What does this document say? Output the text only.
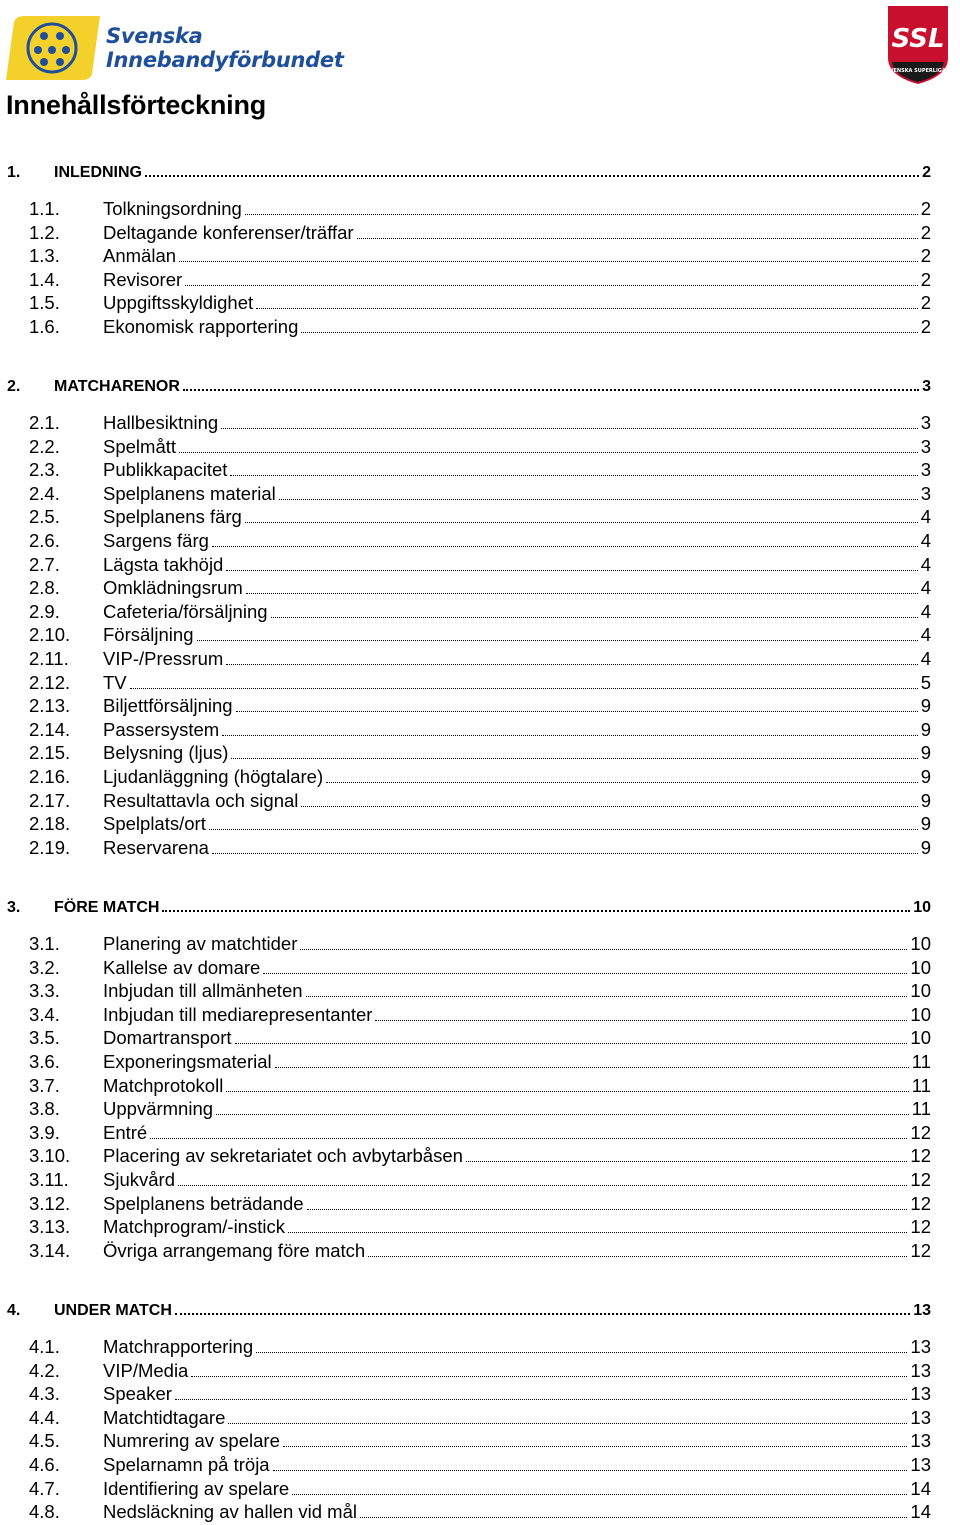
Svenska
Innebandyförbundet
SSL
SVENSKA SUPERLIGAN
Innehållsförteckning
1. INLEDNING	2
1.1. Tolkningsordning	2
1.2. Deltagande konferenser/träffar	2
1.3. Anmälan	2
1.4. Revisorer	2
1.5. Uppgiftsskyldighet	2
1.6. Ekonomisk rapportering	2
2. MATCHARENOR	3
2.1. Hallbesiktning	3
2.2. Spelmått	3
2.3. Publikkapacitet	3
2.4. Spelplanens material	3
2.5. Spelplanens färg	4
2.6. Sargens färg	4
2.7. Lägsta takhöjd	4
2.8. Omklädningsrum	4
2.9. Cafeteria/försäljning	4
2.10. Försäljning	4
2.11. VIP-/Pressrum	4
2.12. TV	5
2.13. Biljettförsäljning	9
2.14. Passersystem	9
2.15. Belysning (ljus)	9
2.16. Ljudanläggning (högtalare)	9
2.17. Resultattavla och signal	9
2.18. Spelplats/ort	9
2.19. Reservarena	9
3. FÖRE MATCH	10
3.1. Planering av matchtider	10
3.2. Kallelse av domare	10
3.3. Inbjudan till allmänheten	10
3.4. Inbjudan till mediarepresentanter	10
3.5. Domartransport	10
3.6. Exponeringsmaterial	11
3.7. Matchprotokoll	11
3.8. Uppvärmning	11
3.9. Entré	12
3.10. Placering av sekretariatet och avbytarbåsen	12
3.11. Sjukvård	12
3.12. Spelplanens beträdande	12
3.13. Matchprogram/-instick	12
3.14. Övriga arrangemang före match	12
4. UNDER MATCH	13
4.1. Matchrapportering	13
4.2. VIP/Media	13
4.3. Speaker	13
4.4. Matchtidtagare	13
4.5. Numrering av spelare	13
4.6. Spelarnamn på tröja	13
4.7. Identifiering av spelare	14
4.8. Nedsläckning av hallen vid mål	14
